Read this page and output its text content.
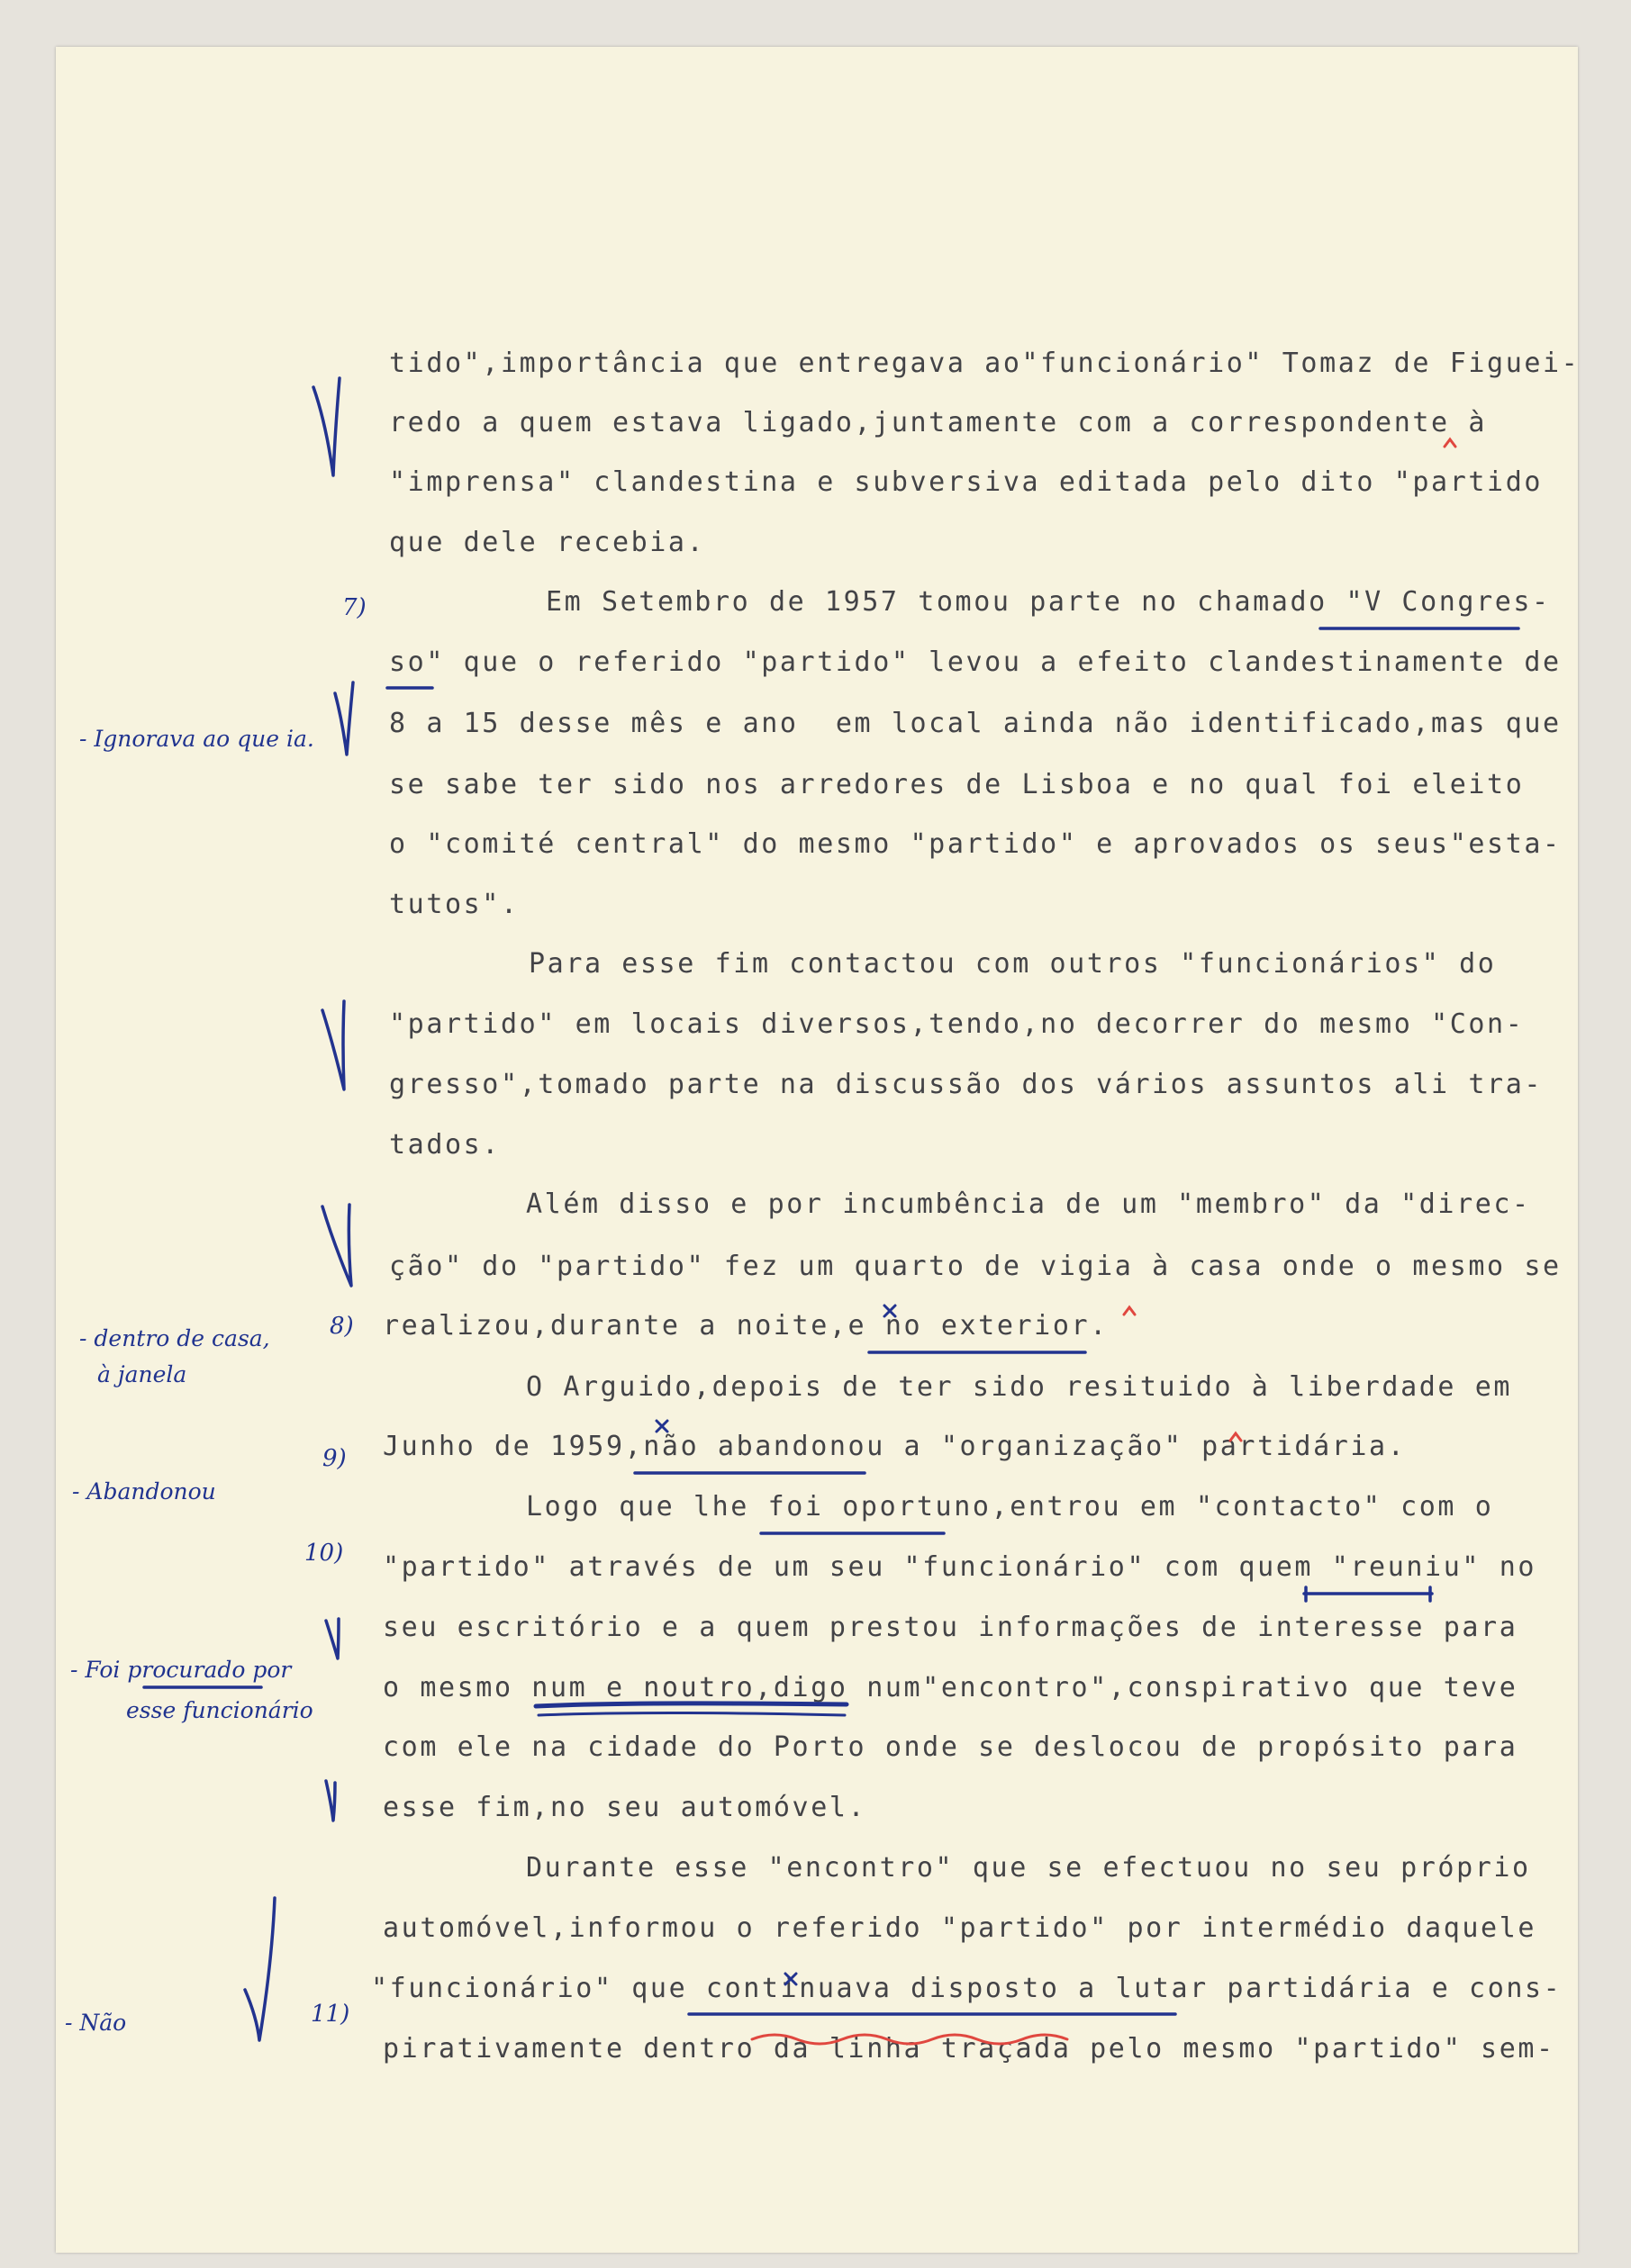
tido",importância que entregava ao"funcionário" Tomaz de Figuei-
redo a quem estava ligado,juntamente com a correspondente à
"imprensa" clandestina e subversiva editada pelo dito "partido
que dele recebia.
Em Setembro de 1957 tomou parte no chamado "V Congres-
so" que o referido "partido" levou a efeito clandestinamente de
8 a 15 desse mês e ano  em local ainda não identificado,mas que
se sabe ter sido nos arredores de Lisboa e no qual foi eleito
o "comité central" do mesmo "partido" e aprovados os seus"esta-
tutos".
Para esse fim contactou com outros "funcionários" do
"partido" em locais diversos,tendo,no decorrer do mesmo "Con-
gresso",tomado parte na discussão dos vários assuntos ali tra-
tados.
Além disso e por incumbência de um "membro" da "direc-
ção" do "partido" fez um quarto de vigia à casa onde o mesmo se
realizou,durante a noite,e no exterior.
O Arguido,depois de ter sido resituido à liberdade em
Junho de 1959,não abandonou a "organização" partidária.
Logo que lhe foi oportuno,entrou em "contacto" com o
"partido" através de um seu "funcionário" com quem "reuniu" no
seu escritório e a quem prestou informações de interesse para
o mesmo num e noutro,digo num"encontro",conspirativo que teve
com ele na cidade do Porto onde se deslocou de propósito para
esse fim,no seu automóvel.
Durante esse "encontro" que se efectuou no seu próprio
automóvel,informou o referido "partido" por intermédio daquele
"funcionário" que continuava disposto a lutar partidária e cons-
pirativamente dentro da linha traçada pelo mesmo "partido" sem-
7)
8)
9)
10)
11)
- Ignorava ao que ia.
- dentro de casa,
à janela
- Abandonou
- Foi procurado por
esse funcionário
- Não
